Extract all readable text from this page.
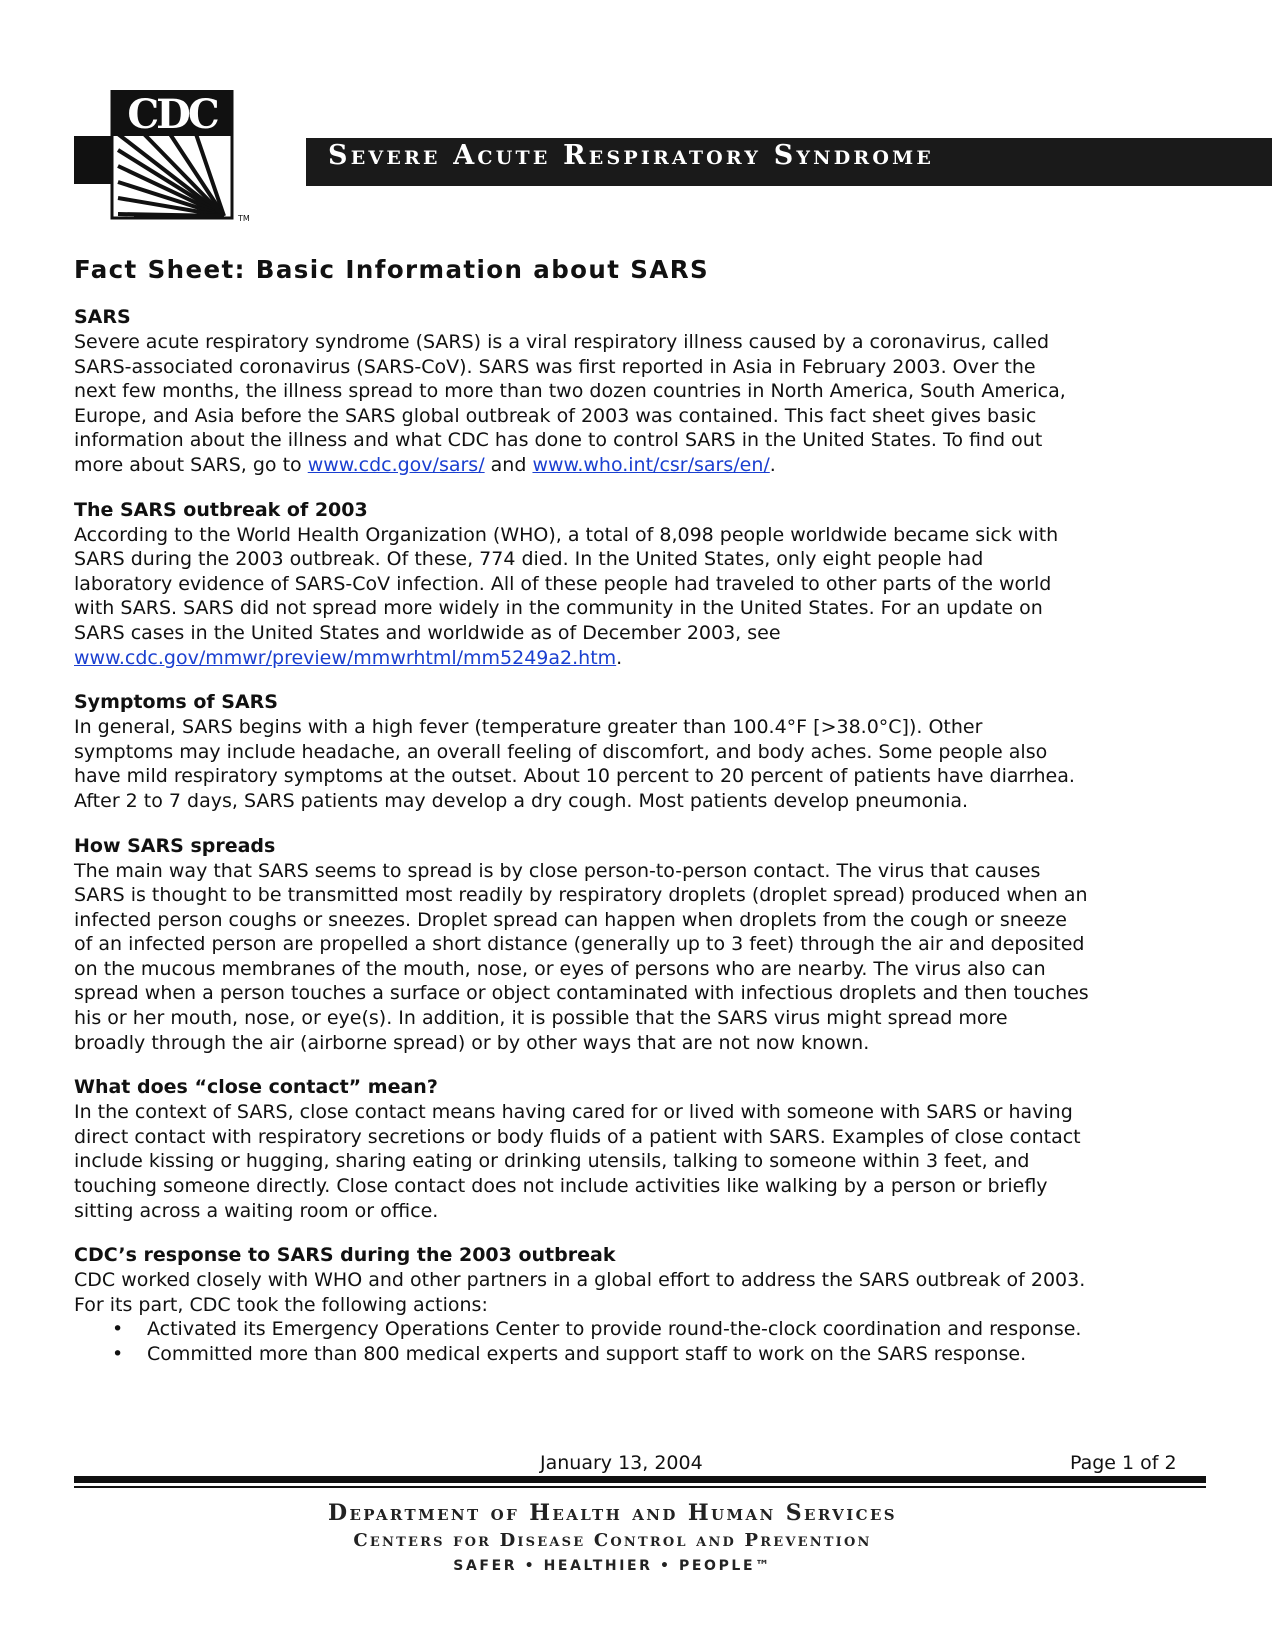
CDC
TM
Severe Acute Respiratory Syndrome
Fact Sheet: Basic Information about SARS
SARS

Severe acute respiratory syndrome (SARS) is a viral respiratory illness caused by a coronavirus, called
SARS-associated coronavirus (SARS-CoV). SARS was first reported in Asia in February 2003. Over the
next few months, the illness spread to more than two dozen countries in North America, South America,
Europe, and Asia before the SARS global outbreak of 2003 was contained. This fact sheet gives basic
information about the illness and what CDC has done to control SARS in the United States. To find out
more about SARS, go to www.cdc.gov/sars/ and www.who.int/csr/sars/en/.

The SARS outbreak of 2003

According to the World Health Organization (WHO), a total of 8,098 people worldwide became sick with
SARS during the 2003 outbreak. Of these, 774 died. In the United States, only eight people had
laboratory evidence of SARS-CoV infection. All of these people had traveled to other parts of the world
with SARS. SARS did not spread more widely in the community in the United States. For an update on
SARS cases in the United States and worldwide as of December 2003, see
www.cdc.gov/mmwr/preview/mmwrhtml/mm5249a2.htm.

Symptoms of SARS

In general, SARS begins with a high fever (temperature greater than 100.4°F [>38.0°C]). Other
symptoms may include headache, an overall feeling of discomfort, and body aches. Some people also
have mild respiratory symptoms at the outset. About 10 percent to 20 percent of patients have diarrhea.
After 2 to 7 days, SARS patients may develop a dry cough. Most patients develop pneumonia.

How SARS spreads

The main way that SARS seems to spread is by close person-to-person contact. The virus that causes
SARS is thought to be transmitted most readily by respiratory droplets (droplet spread) produced when an
infected person coughs or sneezes. Droplet spread can happen when droplets from the cough or sneeze
of an infected person are propelled a short distance (generally up to 3 feet) through the air and deposited
on the mucous membranes of the mouth, nose, or eyes of persons who are nearby. The virus also can
spread when a person touches a surface or object contaminated with infectious droplets and then touches
his or her mouth, nose, or eye(s). In addition, it is possible that the SARS virus might spread more
broadly through the air (airborne spread) or by other ways that are not now known.

What does “close contact” mean?

In the context of SARS, close contact means having cared for or lived with someone with SARS or having
direct contact with respiratory secretions or body fluids of a patient with SARS. Examples of close contact
include kissing or hugging, sharing eating or drinking utensils, talking to someone within 3 feet, and
touching someone directly. Close contact does not include activities like walking by a person or briefly
sitting across a waiting room or office.

CDC’s response to SARS during the 2003 outbreak

CDC worked closely with WHO and other partners in a global effort to address the SARS outbreak of 2003.
For its part, CDC took the following actions:

• Activated its Emergency Operations Center to provide round-the-clock coordination and response.
• Committed more than 800 medical experts and support staff to work on the SARS response.
January 13, 2004	Page 1 of 2

Department of Health and Human Services

Centers for Disease Control and Prevention

SAFER • HEALTHIER • PEOPLE™
